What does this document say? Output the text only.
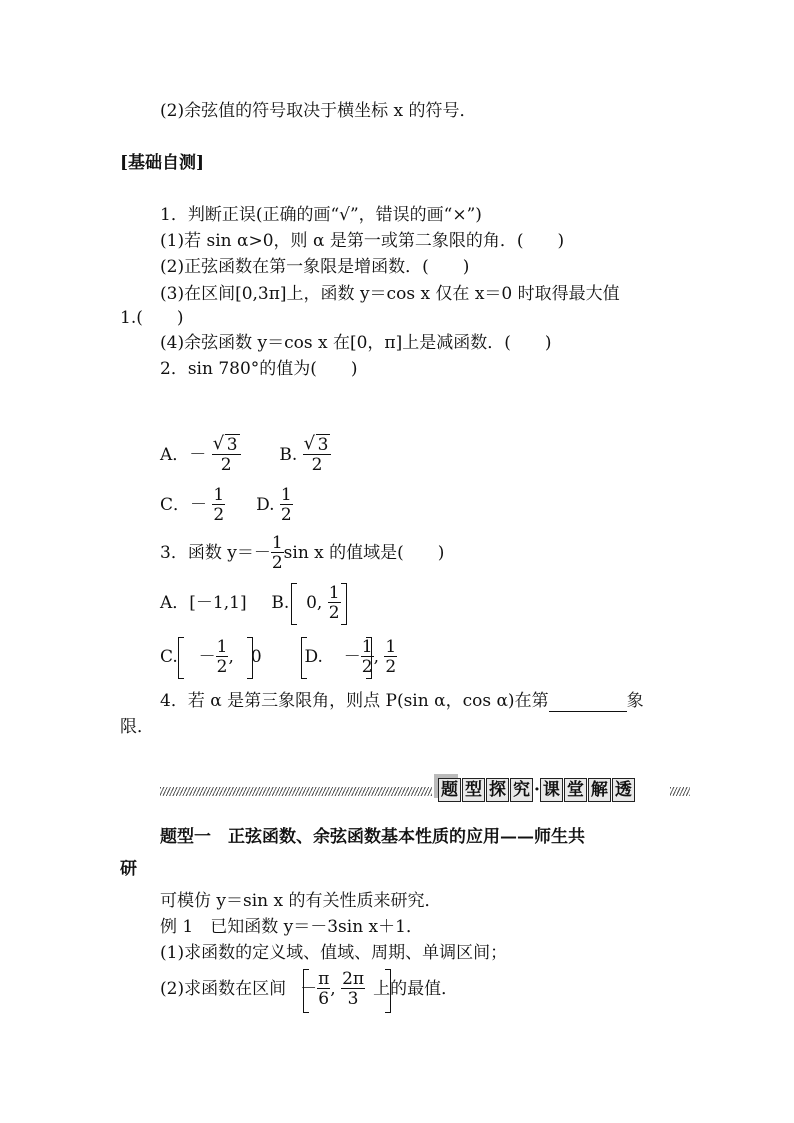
(2)余弦值的符号取决于横坐标 x 的符号．
[基础自测]
1．判断正误(正确的画“√”，错误的画“×”)
(1)若 sin α>0，则 α 是第一或第二象限的角．(　　)
(2)正弦函数在第一象限是增函数．(　　)
(3)在区间[0,3π]上，函数 y＝cos x 仅在 x＝0 时取得最大值
1.(　　)
(4)余弦函数 y＝cos x 在[0，π]上是减函数．(　　)
2．sin 780°的值为(　　)
A．－ $\frac{√ 3}{2} B$. $\frac{√ 3}{2}$
C．－ $\frac{1}{2} D$. $\frac{1}{2}$
3．函数 $y=- \frac{1}{2}$ sin x 的值域是(　　)
A．[－1,1] B. 0, $\frac{1}{2}$
C. － $\frac{1}{2}$ ,　 0	D. － $\frac{1}{2}$ , $\frac{1}{2}$
4．若 α 是第三象限角，则点 P(sin α，cos α)在第	象
限．
题 型 探 究 · 课 堂 解 透
题型一　正弦函数、余弦函数基本性质的应用——师生共
研
可模仿 y＝sin x 的有关性质来研究．
例 1　已知函数 y＝－3sin x＋1．
(1)求函数的定义域、值域、周期、单调区间；
(2)求函数在区间 － $\frac{\pi}{6}$ , $\frac{2\pi}{3}$ 上的最值．
